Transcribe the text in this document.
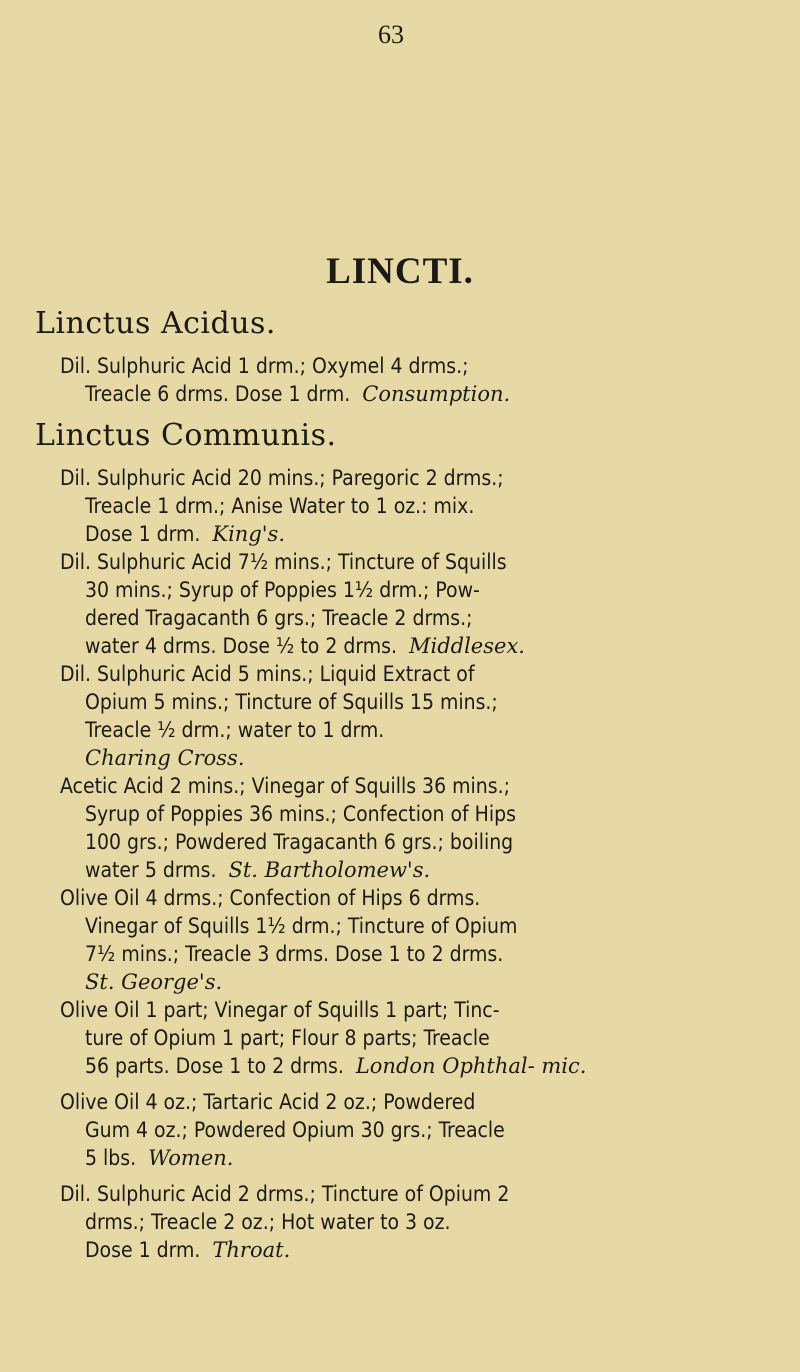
63
LINCTI.
Linctus Acidus.
Dil. Sulphuric Acid 1 drm.; Oxymel 4 drms.;
Treacle 6 drms. Dose 1 drm. Consumption.
Linctus Communis.
Dil. Sulphuric Acid 20 mins.; Paregoric 2 drms.;
Treacle 1 drm.; Anise Water to 1 oz.: mix.
Dose 1 drm. King's.
Dil. Sulphuric Acid 7½ mins.; Tincture of Squills
30 mins.; Syrup of Poppies 1½ drm.; Pow-
dered Tragacanth 6 grs.; Treacle 2 drms.;
water 4 drms. Dose ½ to 2 drms. Middlesex.
Dil. Sulphuric Acid 5 mins.; Liquid Extract of
Opium 5 mins.; Tincture of Squills 15 mins.;
Treacle ½ drm.; water to 1 drm.
Charing Cross.
Acetic Acid 2 mins.; Vinegar of Squills 36 mins.;
Syrup of Poppies 36 mins.; Confection of Hips
100 grs.; Powdered Tragacanth 6 grs.; boiling
water 5 drms. St. Bartholomew's.
Olive Oil 4 drms.; Confection of Hips 6 drms.
Vinegar of Squills 1½ drm.; Tincture of Opium
7½ mins.; Treacle 3 drms. Dose 1 to 2 drms.
St. George's.
Olive Oil 1 part; Vinegar of Squills 1 part; Tinc-
ture of Opium 1 part; Flour 8 parts; Treacle
56 parts. Dose 1 to 2 drms. London Ophthal- mic.
Olive Oil 4 oz.; Tartaric Acid 2 oz.; Powdered
Gum 4 oz.; Powdered Opium 30 grs.; Treacle
5 lbs. Women.
Dil. Sulphuric Acid 2 drms.; Tincture of Opium 2
drms.; Treacle 2 oz.; Hot water to 3 oz.
Dose 1 drm. Throat.
